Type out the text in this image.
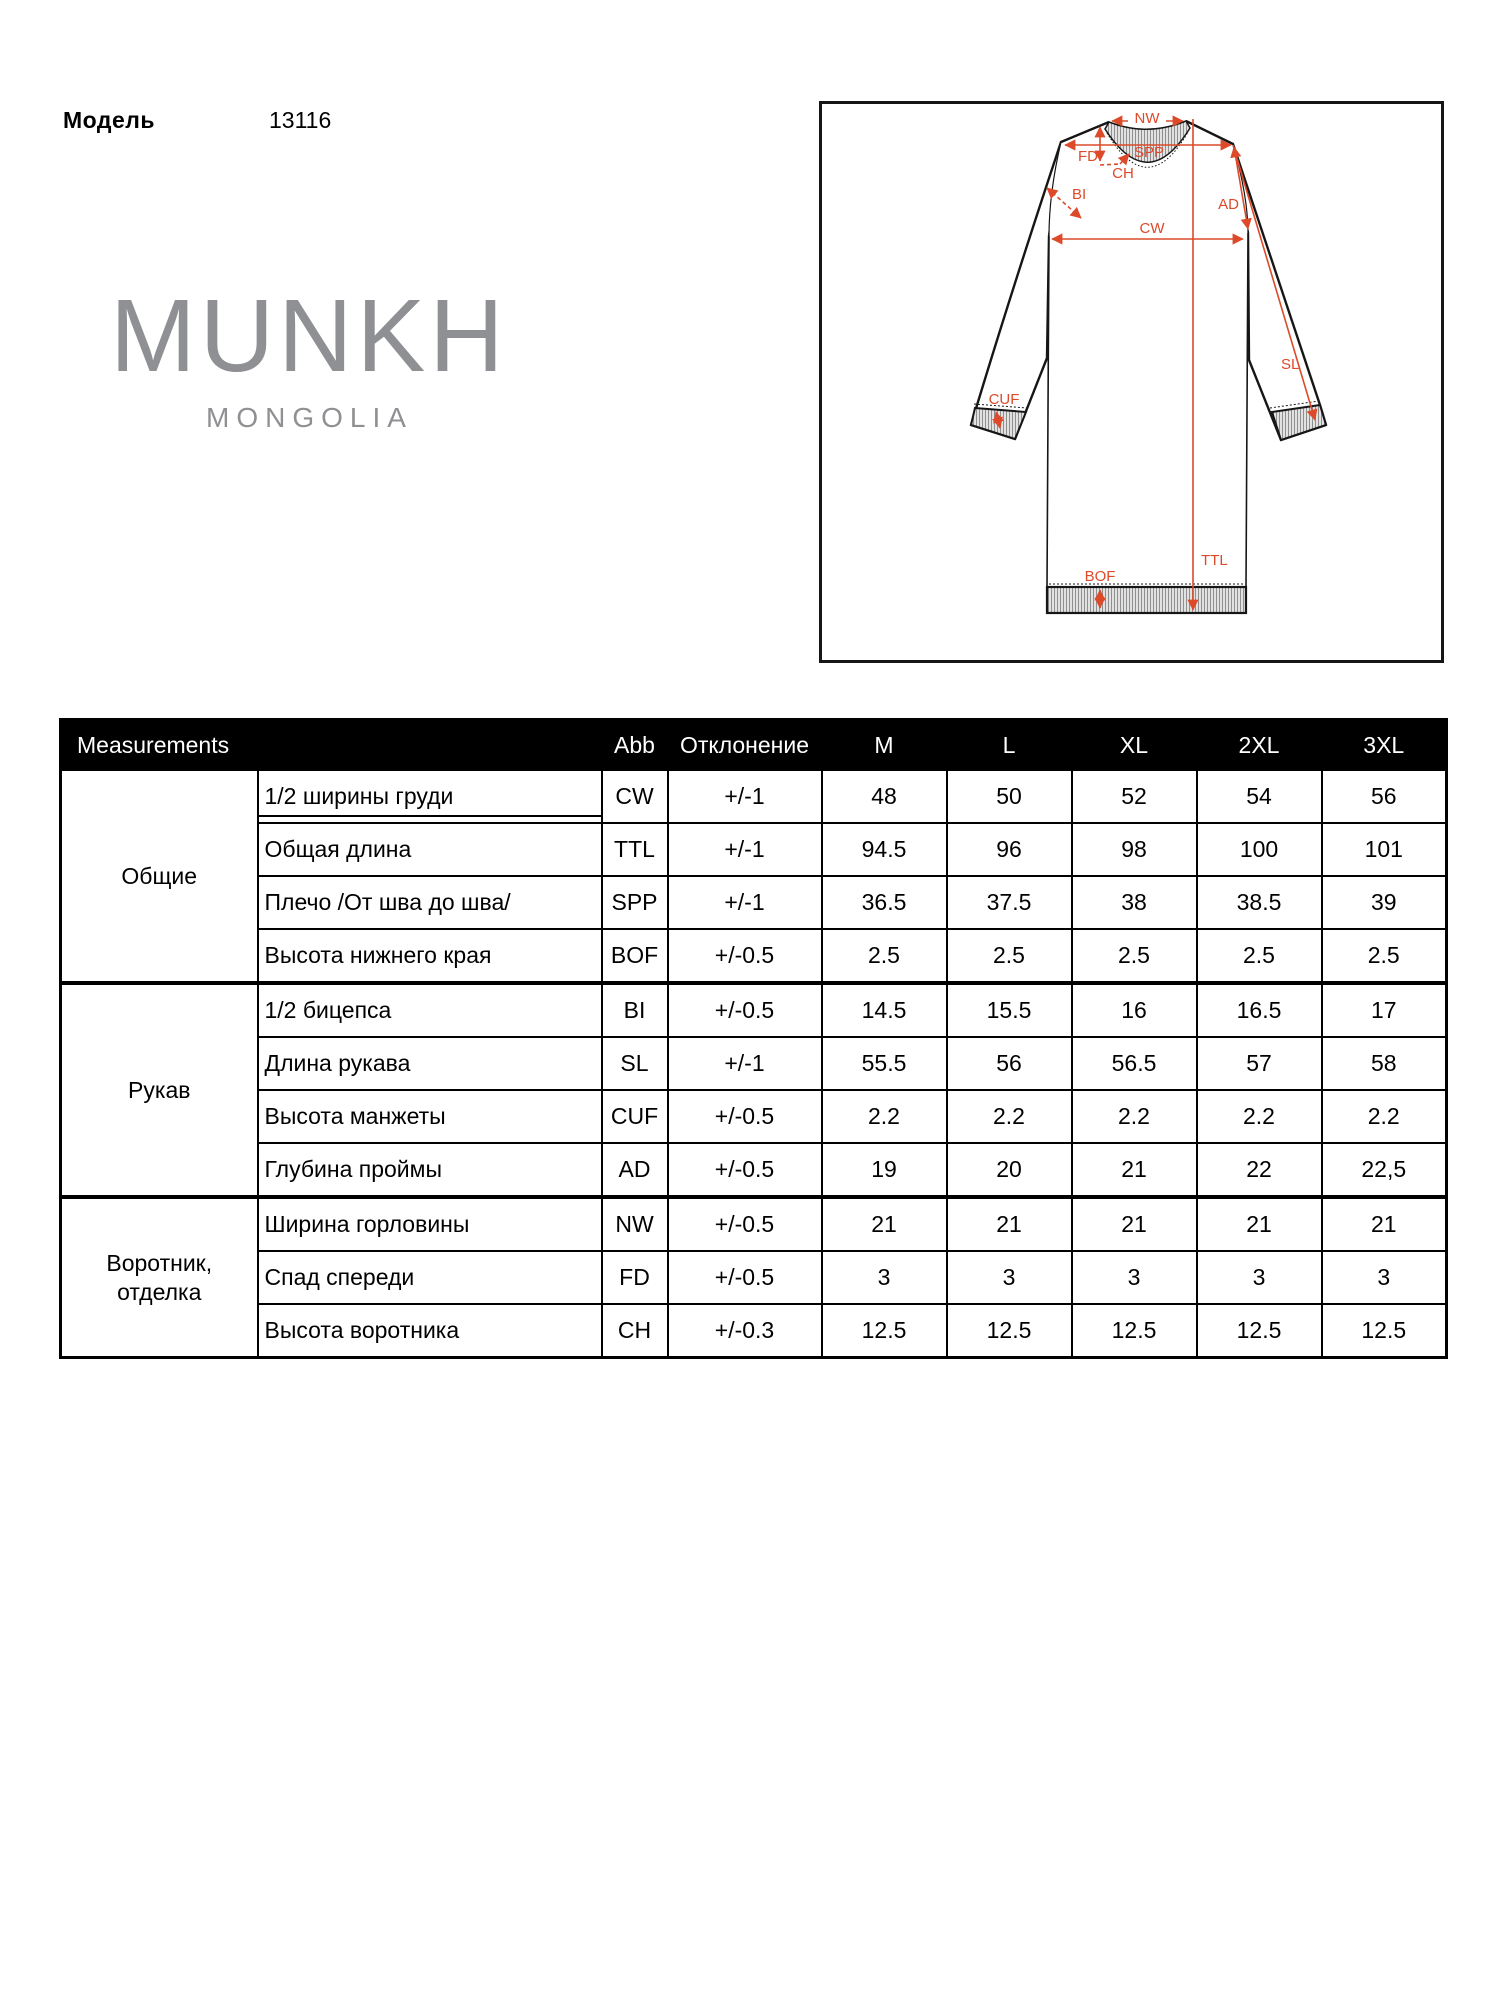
Модель	13116
MUNKH
MONGOLIA
NW
SPP
FD
CH
BI
CW
AD
SL
TTL
CUF
BOF
Measurements		Abb	Отклонение	M	L	XL	2XL	3XL
Общие	1/2 ширины груди	CW	+/-1	48	50	52	54	56
	Общая длина	TTL	+/-1	94.5	96	98	100	101
	Плечо /От шва до шва/	SPP	+/-1	36.5	37.5	38	38.5	39
	Высота нижнего края	BOF	+/-0.5	2.5	2.5	2.5	2.5	2.5
Рукав	1/2 бицепса	BI	+/-0.5	14.5	15.5	16	16.5	17
	Длина рукава	SL	+/-1	55.5	56	56.5	57	58
	Высота манжеты	CUF	+/-0.5	2.2	2.2	2.2	2.2	2.2
	Глубина проймы	AD	+/-0.5	19	20	21	22	22,5
Воротник, отделка	Ширина горловины	NW	+/-0.5	21	21	21	21	21
	Спад спереди	FD	+/-0.5	3	3	3	3	3
	Высота воротника	CH	+/-0.3	12.5	12.5	12.5	12.5	12.5
